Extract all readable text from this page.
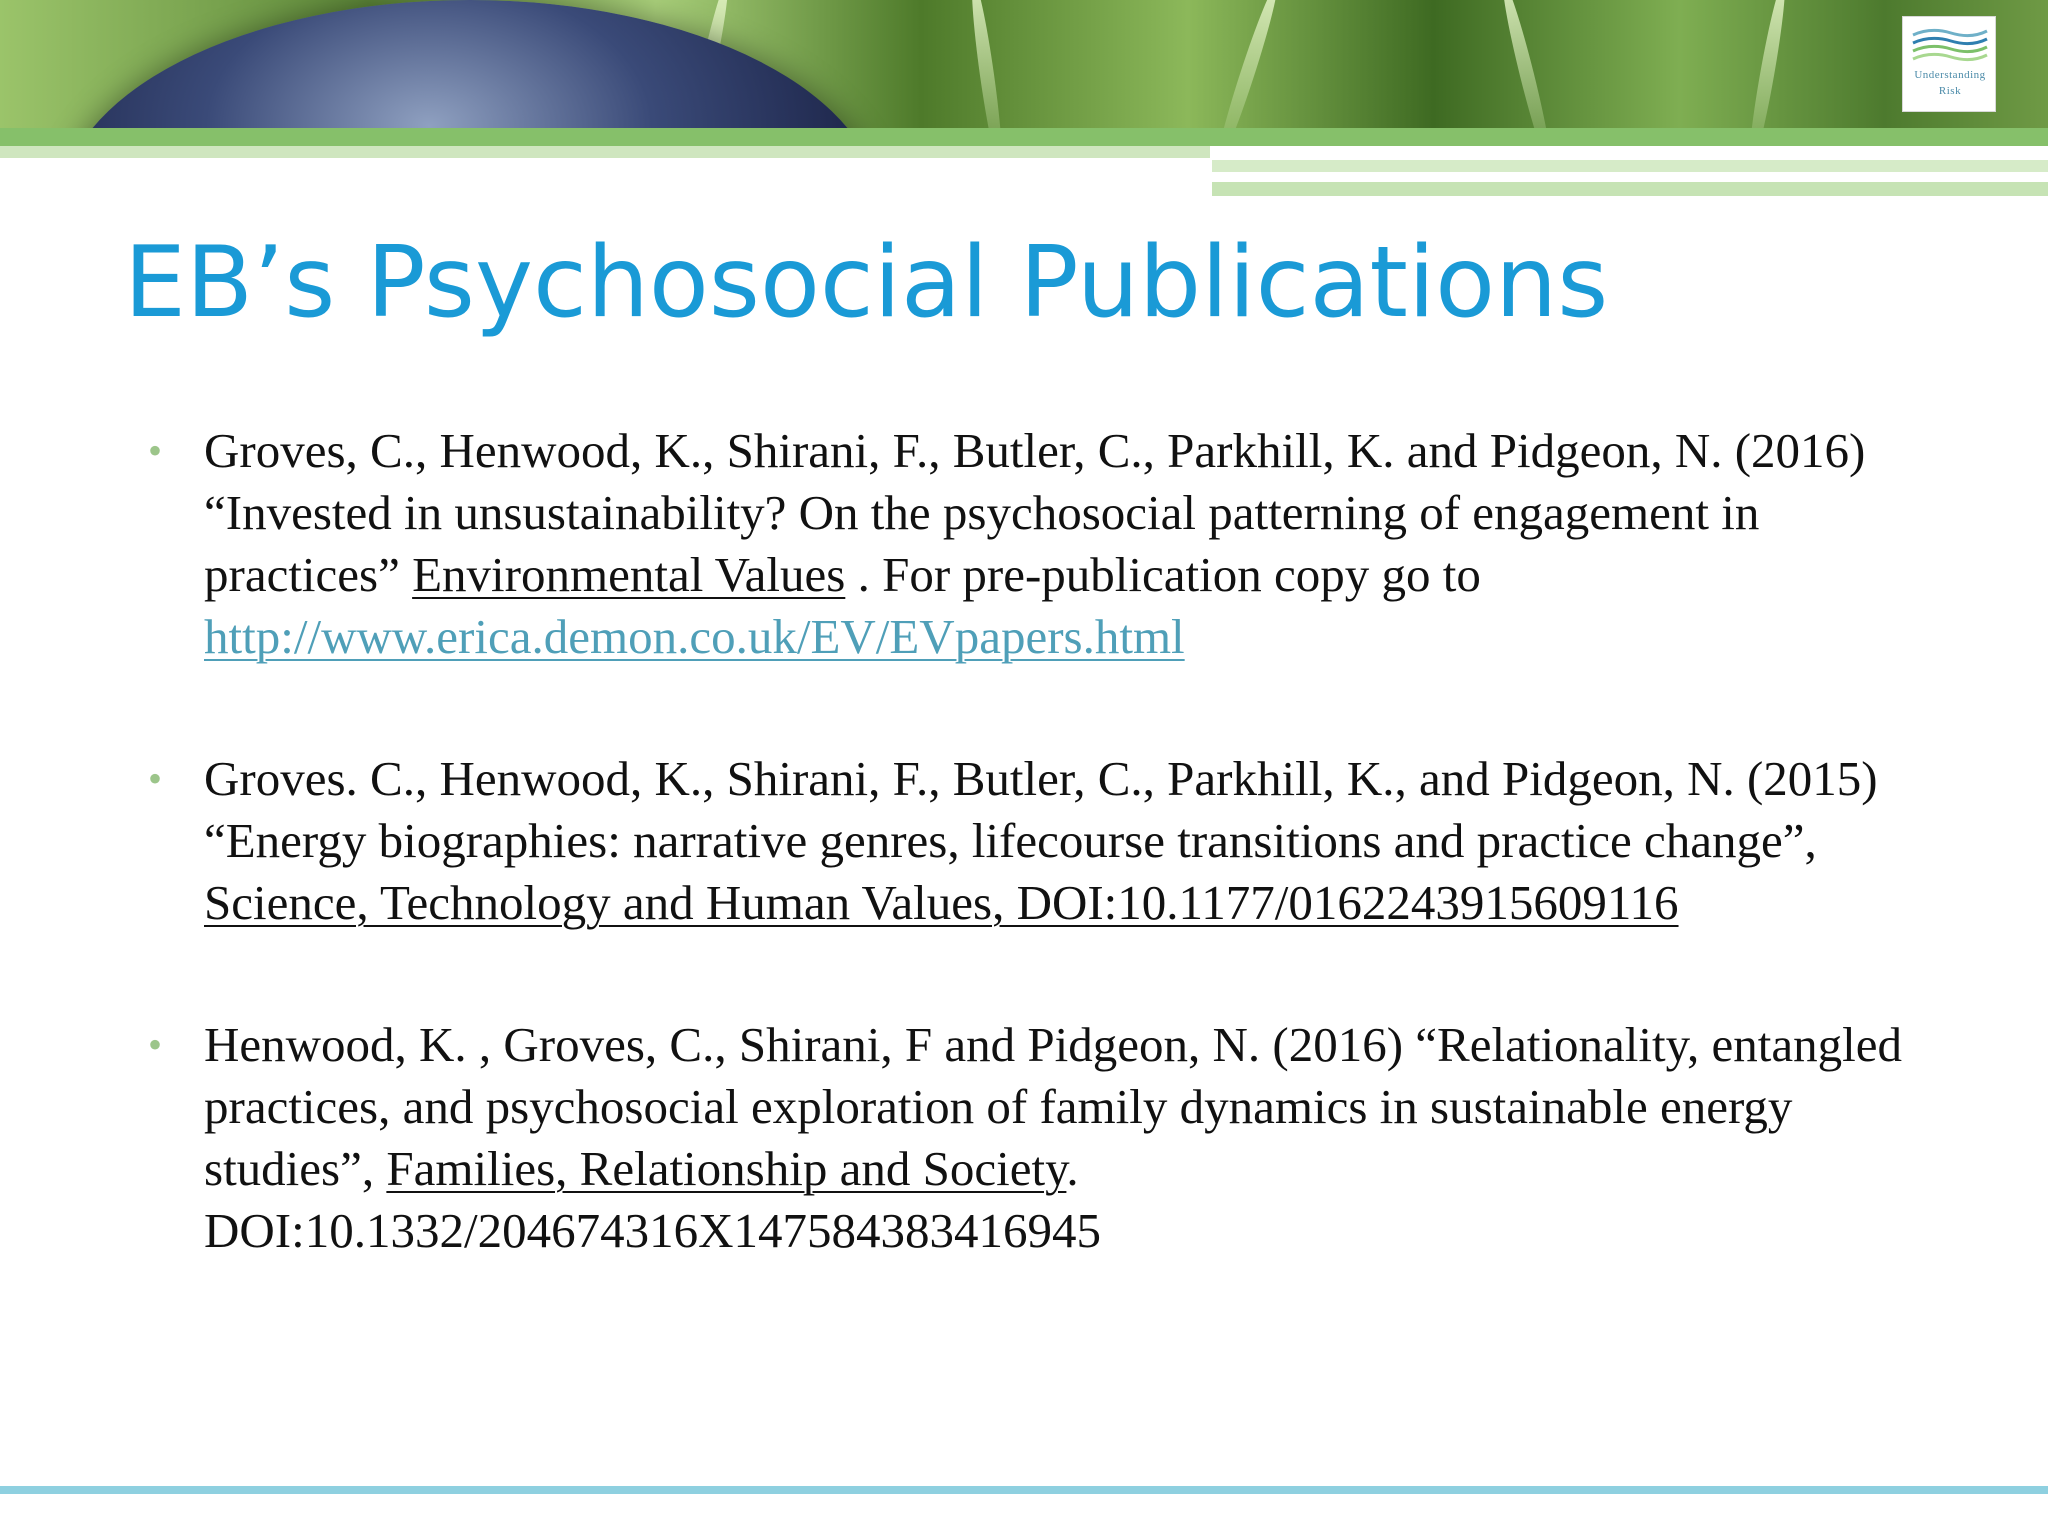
Understanding
Risk
EB’s Psychosocial Publications
• Groves, C., Henwood, K., Shirani, F., Butler, C., Parkhill, K. and Pidgeon, N. (2016) “Invested in unsustainability? On the psychosocial patterning of engagement in practices” Environmental Values . For pre-publication copy go to http://www.erica.demon.co.uk/EV/EVpapers.html
• Groves. C., Henwood, K., Shirani, F., Butler, C., Parkhill, K., and Pidgeon, N. (2015) “Energy biographies: narrative genres, lifecourse transitions and practice change”, Science, Technology and Human Values, DOI:10.1177/0162243915609116
• Henwood, K. , Groves, C., Shirani, F and Pidgeon, N. (2016) “Relationality, entangled practices, and psychosocial exploration of family dynamics in sustainable energy studies”, Families, Relationship and Society. DOI:10.1332/204674316X147584383416945
